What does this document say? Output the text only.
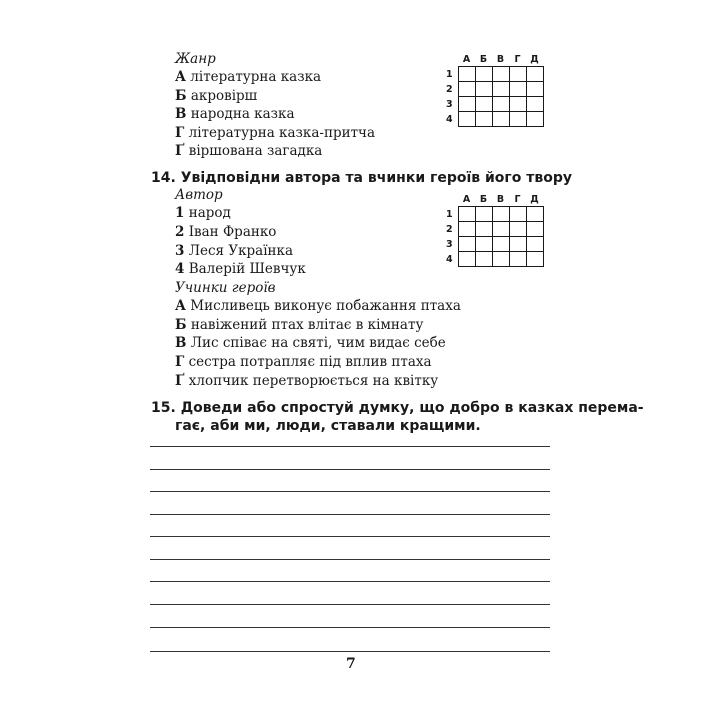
Жанр
А літературна казка
Б акровірш
В народна казка
Г літературна казка-притча
Ґ віршована загадка
А	Б	В	Г	Д
1
2
3
4

14. Увідповідни автора та вчинки героїв його твору
Автор
1 народ
2 Іван Франко
3 Леся Українка
4 Валерій Шевчук
А	Б	В	Г	Д
1
2
3
4

Учинки героїв
А Мисливець виконує побажання птаха
Б навіжений птах влітає в кімнату
В Лис співає на святі, чим видає себе
Г сестра потрапляє під вплив птаха
Ґ хлопчик перетворюється на квітку
15. Доведи або спростуй думку, що добро в казках перема-
гає, аби ми, люди, ставали кращими.
7
